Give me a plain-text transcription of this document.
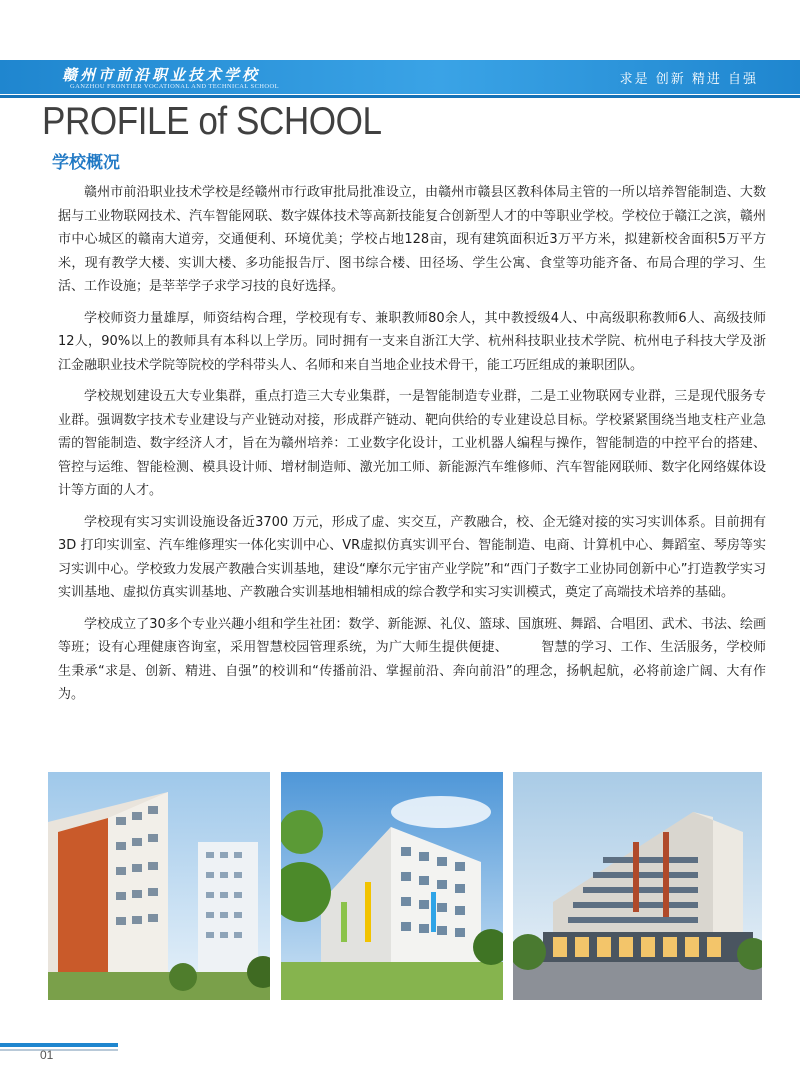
赣州市前沿职业技术学校
GANZHOU FRONTIER VOCATIONAL AND TECHNICAL SCHOOL	求是 创新 精进 自强
PROFILE of SCHOOL
学校概况

赣州市前沿职业技术学校是经赣州市行政审批局批准设立，由赣州市赣县区教科体局主管的一所以培养智能制造、大数据与工业物联网技术、汽车智能网联、数字媒体技术等高新技能复合创新型人才的中等职业学校。学校位于赣江之滨，赣州市中心城区的赣南大道旁，交通便利、环境优美；学校占地128亩，现有建筑面积近3万平方米，拟建新校舍面积5万平方米，现有教学大楼、实训大楼、多功能报告厅、图书综合楼、田径场、学生公寓、食堂等功能齐备、布局合理的学习、生活、工作设施；是莘莘学子求学习技的良好选择。

学校师资力量雄厚，师资结构合理，学校现有专、兼职教师80余人，其中教授级4人、中高级职称教师6人、高级技师12人，90%以上的教师具有本科以上学历。同时拥有一支来自浙江大学、杭州科技职业技术学院、杭州电子科技大学及浙江金融职业技术学院等院校的学科带头人、名师和来自当地企业技术骨干，能工巧匠组成的兼职团队。

学校规划建设五大专业集群，重点打造三大专业集群，一是智能制造专业群，二是工业物联网专业群，三是现代服务专业群。强调数字技术专业建设与产业链动对接，形成群产链动、靶向供给的专业建设总目标。学校紧紧围绕当地支柱产业急需的智能制造、数字经济人才，旨在为赣州培养：工业数字化设计，工业机器人编程与操作，智能制造的中控平台的搭建、管控与运维、智能检测、模具设计师、增材制造师、激光加工师、新能源汽车维修师、汽车智能网联师、数字化网络媒体设计等方面的人才。

学校现有实习实训设施设备近3700 万元，形成了虚、实交互，产教融合，校、企无缝对接的实习实训体系。目前拥有3D 打印实训室、汽车维修理实一体化实训中心、VR虚拟仿真实训平台、智能制造、电商、计算机中心、舞蹈室、琴房等实习实训中心。学校致力发展产教融合实训基地，建设“摩尔元宇宙产业学院”和“西门子数字工业协同创新中心”打造教学实习实训基地、虚拟仿真实训基地、产教融合实训基地相辅相成的综合教学和实习实训模式，奠定了高端技术培养的基础。

学校成立了30多个专业兴趣小组和学生社团：数学、新能源、礼仪、篮球、国旗班、舞蹈、合唱团、武术、书法、绘画等班；设有心理健康咨询室，采用智慧校园管理系统，为广大师生提供便捷、　　　智慧的学习、工作、生活服务，学校师生秉承“求是、创新、精进、自强”的校训和“传播前沿、掌握前沿、奔向前沿”的理念，扬帆起航，必将前途广阔、大有作为。

01
